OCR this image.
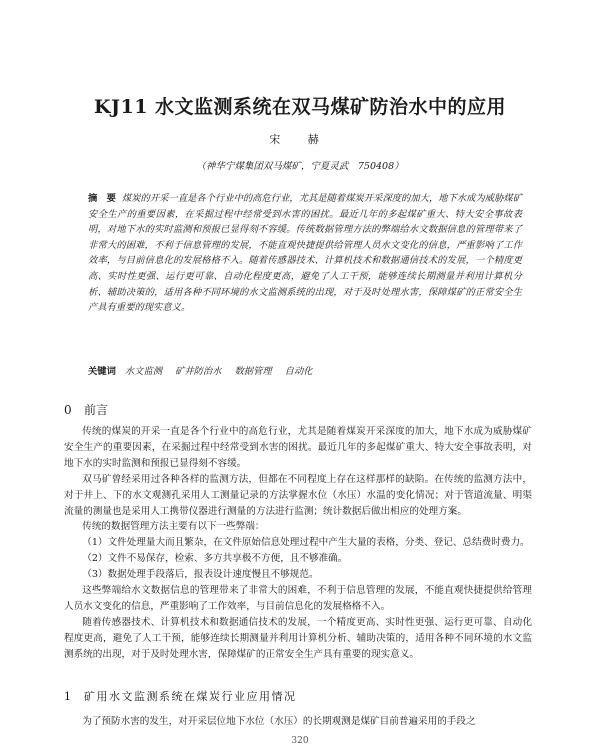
KJ11 水文监测系统在双马煤矿防治水中的应用
宋 赫
（神华宁煤集团双马煤矿，宁夏灵武　750408）
摘　要 煤炭的开采一直是各个行业中的高危行业，尤其是随着煤炭开采深度的加大，地下水成为威胁煤矿安全生产的重要因素，在采掘过程中经常受到水害的困扰。最近几年的多起煤矿重大、特大安全事故表明，对地下水的实时监测和预报已显得刻不容缓。传统数据管理方法的弊端给水文数据信息的管理带来了非常大的困难，不利于信息管理的发展，不能直观快捷提供给管理人员水文变化的信息，严重影响了工作效率，与目前信息化的发展格格不入。随着传感器技术、计算机技术和数据通信技术的发展，一个精度更高、实时性更强、运行更可靠、自动化程度更高，避免了人工干预，能够连续长期测量并利用计算机分析、辅助决策的，适用各种不同环境的水文监测系统的出现，对于及时处理水害，保障煤矿的正常安全生产具有重要的现实意义。
关键词 水文监测 矿井防治水 数据管理 自动化
0 前言

传统的煤炭的开采一直是各个行业中的高危行业，尤其是随着煤炭开采深度的加大，地下水成为威胁煤矿安全生产的重要因素，在采掘过程中经常受到水害的困扰。最近几年的多起煤矿重大、特大安全事故表明，对地下水的实时监测和预报已显得刻不容缓。

双马矿曾经采用过各种各样的监测方法，但都在不同程度上存在这样那样的缺陷。在传统的监测方法中，对于井上、下的水文观测孔采用人工测量记录的方法掌握水位（水压）水温的变化情况；对于管道流量、明渠流量的测量也是采用人工携带仪器进行测量的方法进行监测；统计数据后做出相应的处理方案。

传统的数据管理方法主要有以下一些弊端：

（1）文件处理量大而且繁杂，在文件原始信息处理过程中产生大量的表格，分类、登记、总结费时费力。

（2）文件不易保存，检索、多方共享极不方便，且不够准确。

（3）数据处理手段落后，报表设计速度慢且不够规范。

这些弊端给水文数据信息的管理带来了非常大的困难，不利于信息管理的发展，不能直观快捷提供给管理人员水文变化的信息，严重影响了工作效率，与目前信息化的发展格格不入。

随着传感器技术、计算机技术和数据通信技术的发展，一个精度更高、实时性更强、运行更可靠、自动化程度更高，避免了人工干预，能够连续长期测量并利用计算机分析、辅助决策的，适用各种不同环境的水文监测系统的出现，对于及时处理水害，保障煤矿的正常安全生产具有重要的现实意义。

1 矿用水文监测系统在煤炭行业应用情况
为了预防水害的发生，对开采层位地下水位（水压）的长期观测是煤矿目前普遍采用的手段之
320
